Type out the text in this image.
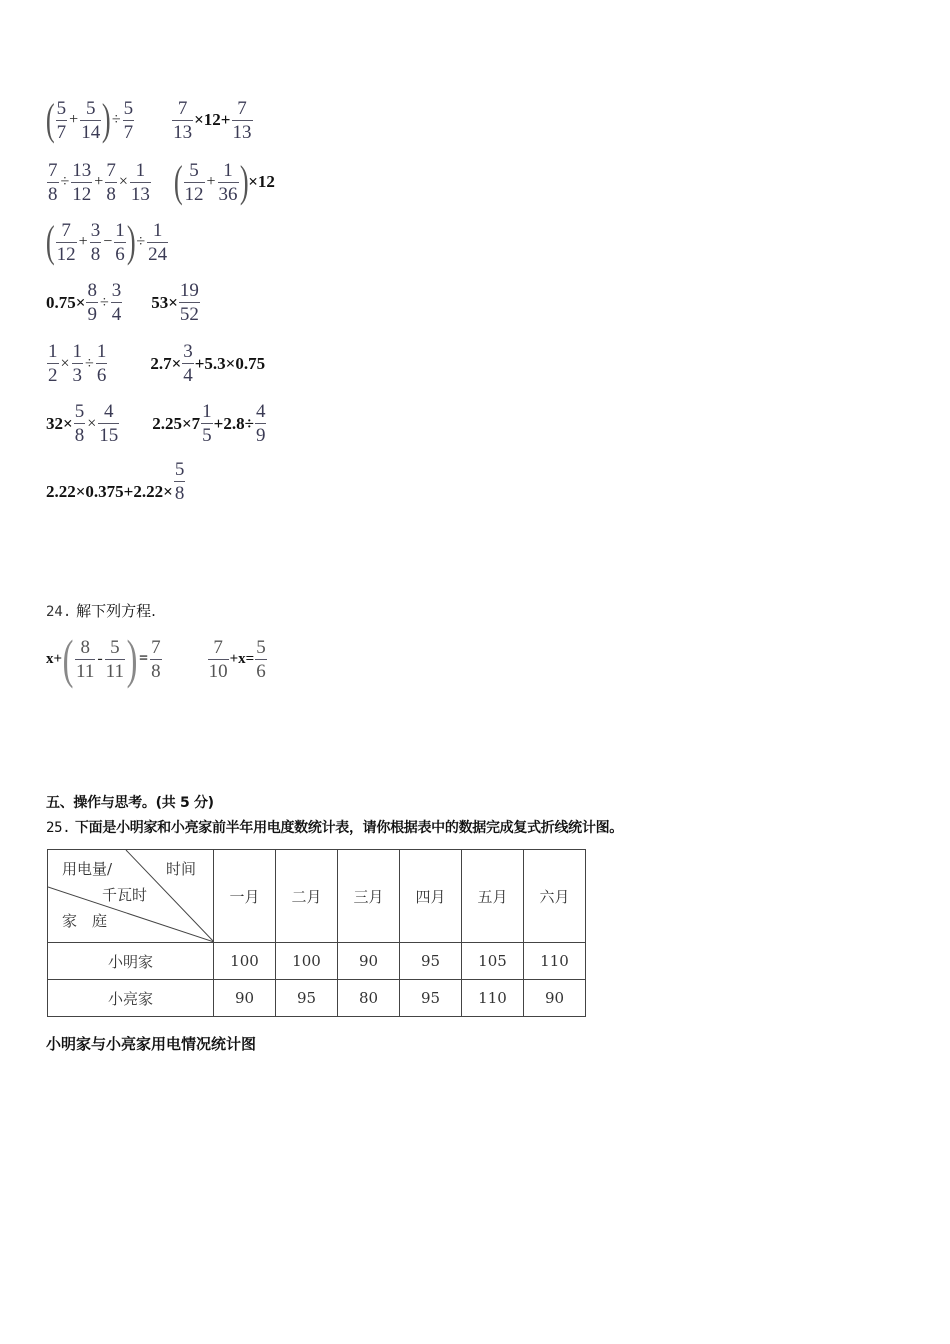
( $\frac{5}{7} + \frac{5}{14}$ ) ÷ $\frac{5}{7} \frac{7}{13} \times 12+ \frac{7}{13}$
$\frac{7}{8} \div \frac{13}{12} + \frac{7}{8} \times \frac{1}{13}$ ( $\frac{5}{12} + \frac{1}{36}$ ) ×12
( $\frac{7}{12} + \frac{3}{8} - \frac{1}{6}$ ) ÷ $\frac{1}{24}$
$0.75\times \frac{8}{9} \div \frac{3}{4} 53\times \frac{19}{52}$
$\frac{1}{2} \times \frac{1}{3} \div \frac{1}{6}$	$2.7\times \frac{3}{4} +5.3\times 0.75$
$32\times \frac{5}{8} \times \frac{4}{15} 2.25\times 7 \frac{1}{5} +2.8\div \frac{4}{9}$
$2.22\times 0.375+2.22\times \frac{5}{8}$
24. 解下列方程.
x+ ( $\frac{8}{11} - \frac{5}{11}$ ) = $\frac{7}{8} \frac{7}{10} +x= \frac{5}{6}$
五、操作与思考。(共 5 分)
25. 下面是小明家和小亮家前半年用电度数统计表，请你根据表中的数据完成复式折线统计图。
用电量/ 时间
千瓦时
家　庭	一月	二月	三月	四月	五月	六月
小明家	100	100	90	95	105	110
小亮家	90	95	80	95	110	90
小明家与小亮家用电情况统计图
